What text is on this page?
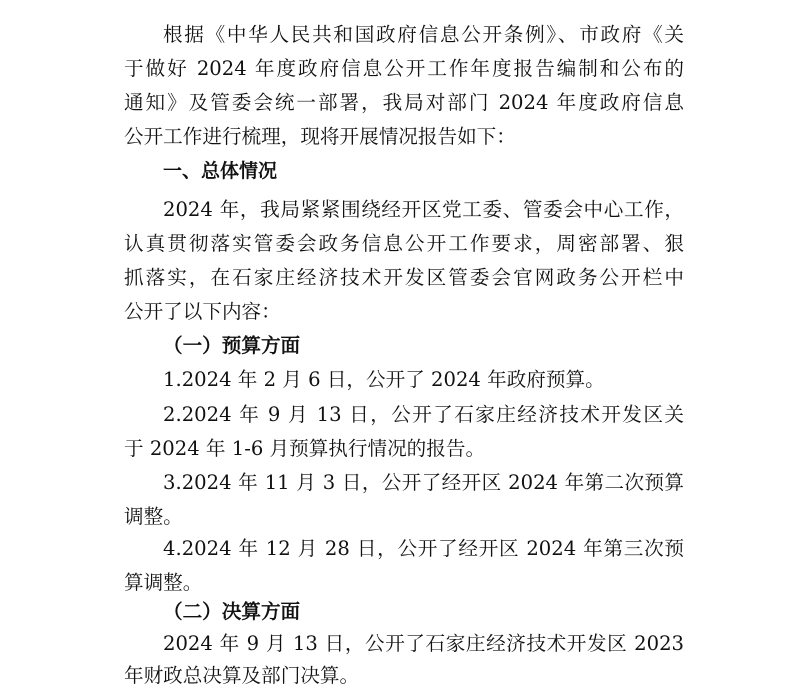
根据《中华人民共和国政府信息公开条例》、市政府《关
于做好 2024 年度政府信息公开工作年度报告编制和公布的
通知》及管委会统一部署，我局对部门 2024 年度政府信息
公开工作进行梳理，现将开展情况报告如下：
一、总体情况
2024 年，我局紧紧围绕经开区党工委、管委会中心工作，
认真贯彻落实管委会政务信息公开工作要求，周密部署、狠
抓落实，在石家庄经济技术开发区管委会官网政务公开栏中
公开了以下内容：
（一）预算方面
1.2024 年 2 月 6 日，公开了 2024 年政府预算。
2.2024 年 9 月 13 日，公开了石家庄经济技术开发区关
于 2024 年 1-6 月预算执行情况的报告。
3.2024 年 11 月 3 日，公开了经开区 2024 年第二次预算
调整。
4.2024 年 12 月 28 日，公开了经开区 2024 年第三次预
算调整。
（二）决算方面
2024 年 9 月 13 日，公开了石家庄经济技术开发区 2023
年财政总决算及部门决算。
